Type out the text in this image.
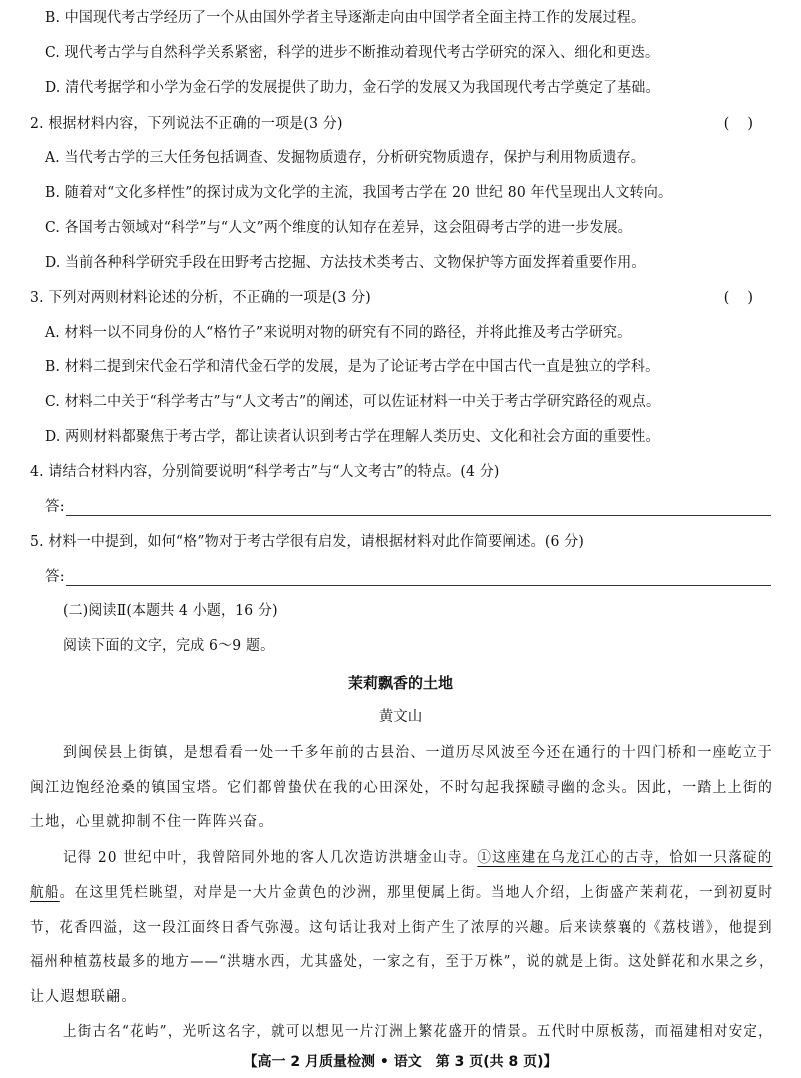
B. 中国现代考古学经历了一个从由国外学者主导逐渐走向由中国学者全面主持工作的发展过程。
C. 现代考古学与自然科学关系紧密，科学的进步不断推动着现代考古学研究的深入、细化和更迭。
D. 清代考据学和小学为金石学的发展提供了助力，金石学的发展又为我国现代考古学奠定了基础。
2. 根据材料内容，下列说法不正确的一项是(3 分)	()
A. 当代考古学的三大任务包括调查、发掘物质遗存，分析研究物质遗存，保护与利用物质遗存。
B. 随着对“文化多样性”的探讨成为文化学的主流，我国考古学在 20 世纪 80 年代呈现出人文转向。
C. 各国考古领域对“科学”与“人文”两个维度的认知存在差异，这会阻碍考古学的进一步发展。
D. 当前各种科学研究手段在田野考古挖掘、方法技术类考古、文物保护等方面发挥着重要作用。
3. 下列对两则材料论述的分析，不正确的一项是(3 分)	()
A. 材料一以不同身份的人“格竹子”来说明对物的研究有不同的路径，并将此推及考古学研究。
B. 材料二提到宋代金石学和清代金石学的发展，是为了论证考古学在中国古代一直是独立的学科。
C. 材料二中关于“科学考古”与“人文考古”的阐述，可以佐证材料一中关于考古学研究路径的观点。
D. 两则材料都聚焦于考古学，都让读者认识到考古学在理解人类历史、文化和社会方面的重要性。
4. 请结合材料内容，分别简要说明“科学考古”与“人文考古”的特点。(4 分)
答:
5. 材料一中提到，如何“格”物对于考古学很有启发，请根据材料对此作简要阐述。(6 分)
答:
(二)阅读Ⅱ(本题共 4 小题，16 分)
阅读下面的文字，完成 6～9 题。
茉莉飘香的土地
黄文山
到闽侯县上街镇，是想看看一处一千多年前的古县治、一道历尽风波至今还在通行的十四门桥和一座屹立于
闽江边饱经沧桑的镇国宝塔。它们都曾蛰伏在我的心田深处，不时勾起我探赜寻幽的念头。因此，一踏上上街的
土地，心里就抑制不住一阵阵兴奋。
记得 20 世纪中叶，我曾陪同外地的客人几次造访洪塘金山寺。①这座建在乌龙江心的古寺，恰如一只落碇的
航船。在这里凭栏眺望，对岸是一大片金黄色的沙洲，那里便属上街。当地人介绍，上街盛产茉莉花，一到初夏时
节，花香四溢，这一段江面终日香气弥漫。这句话让我对上街产生了浓厚的兴趣。后来读蔡襄的《荔枝谱》，他提到
福州种植荔枝最多的地方——“洪塘水西，尤其盛处，一家之有，至于万株”，说的就是上街。这处鲜花和水果之乡，
让人遐想联翩。
上街古名“花屿”，光听这名字，就可以想见一片汀洲上繁花盛开的情景。五代时中原板荡，而福建相对安定，
【高一 2 月质量检测 • 语文　第 3 页(共 8 页)】
